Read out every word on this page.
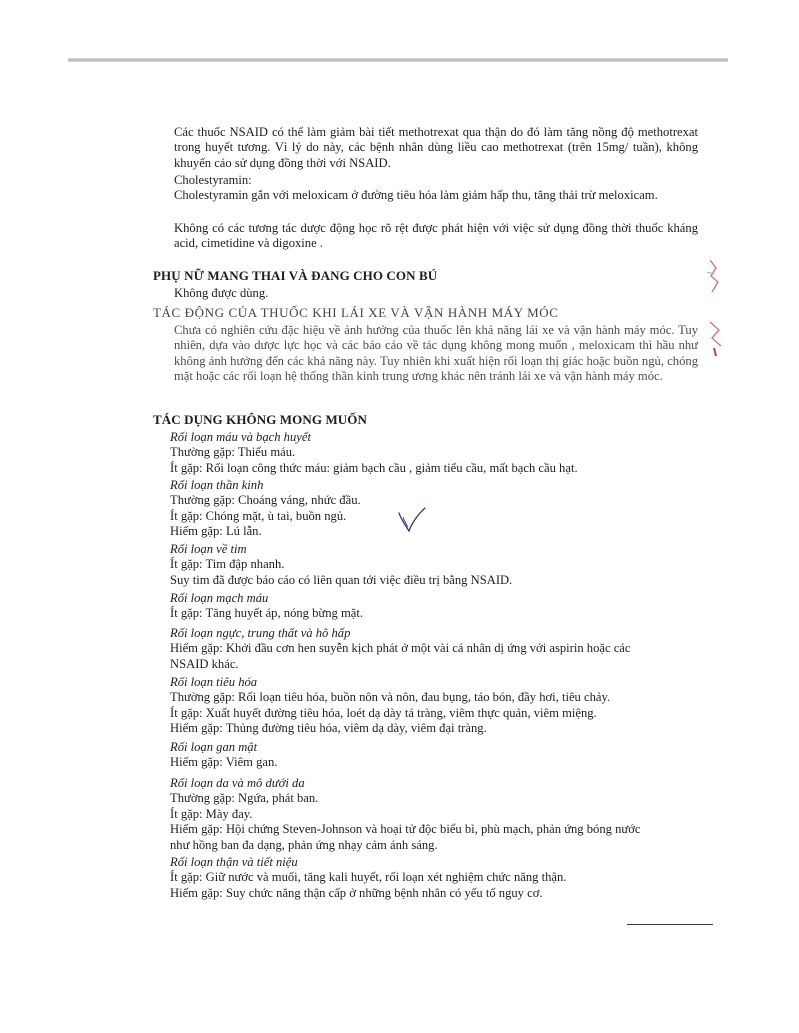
Các thuốc NSAID có thể làm giảm bài tiết methotrexat qua thận do đó làm tăng nồng độ methotrexat trong huyết tương. Vì lý do này, các bệnh nhân dùng liều cao methotrexat (trên 15mg/ tuần), không khuyến cáo sử dụng đồng thời với NSAID.

Cholestyramin:

Cholestyramin gắn với meloxicam ở đường tiêu hóa làm giảm hấp thu, tăng thải trừ meloxicam.

Không có các tương tác dược động học rõ rệt được phát hiện với việc sử dụng đồng thời thuốc kháng acid, cimetidine và digoxine .

PHỤ NỮ MANG THAI VÀ ĐANG CHO CON BÚ
Không được dùng.
TÁC ĐỘNG CỦA THUỐC KHI LÁI XE VÀ VẬN HÀNH MÁY MÓC

Chưa có nghiên cứu đặc hiệu về ảnh hưởng của thuốc lên khả năng lái xe và vận hành máy móc. Tuy nhiên, dựa vào dược lực học và các báo cáo về tác dụng không mong muốn , meloxicam thì hầu như không ảnh hưởng đến các khả năng này. Tuy nhiên khi xuất hiện rối loạn thị giác hoặc buồn ngủ, chóng mặt hoặc các rối loạn hệ thống thần kinh trung ương khác nên tránh lái xe và vận hành máy móc.

TÁC DỤNG KHÔNG MONG MUỐN

Rối loạn máu và bạch huyết

Thường gặp: Thiếu máu.

Ít gặp: Rối loạn công thức máu: giảm bạch cầu , giảm tiểu cầu, mất bạch cầu hạt.

Rối loạn thần kinh

Thường gặp: Choáng váng, nhức đầu.

Ít gặp: Chóng mặt, ù tai, buồn ngủ.

Hiếm gặp: Lú lẫn.

Rối loạn về tim

Ít gặp: Tim đập nhanh.

Suy tim đã được báo cáo có liên quan tới việc điều trị bằng NSAID.

Rối loạn mạch máu

Ít gặp: Tăng huyết áp, nóng bừng mặt.

Rối loạn ngực, trung thất và hô hấp

Hiếm gặp: Khởi đầu cơn hen suyễn kịch phát ở một vài cá nhân dị ứng với aspirin hoặc các

NSAID khác.

Rối loạn tiêu hóa

Thường gặp: Rối loạn tiêu hóa, buồn nôn và nôn, đau bụng, táo bón, đầy hơi, tiêu chảy.

Ít gặp: Xuất huyết đường tiêu hóa, loét dạ dày tá tràng, viêm thực quản, viêm miệng.

Hiếm gặp: Thủng đường tiêu hóa, viêm dạ dày, viêm đại tràng.

Rối loạn gan mật

Hiếm gặp: Viêm gan.

Rối loạn da và mô dưới da

Thường gặp: Ngứa, phát ban.

Ít gặp: Mày đay.

Hiếm gặp: Hội chứng Steven-Johnson và hoại tử độc biểu bì, phù mạch, phản ứng bóng nước

như hồng ban đa dạng, phản ứng nhạy cảm ánh sáng.

Rối loạn thận và tiết niệu

Ít gặp: Giữ nước và muối, tăng kali huyết, rối loạn xét nghiệm chức năng thận.

Hiếm gặp: Suy chức năng thận cấp ở những bệnh nhân có yếu tố nguy cơ.
